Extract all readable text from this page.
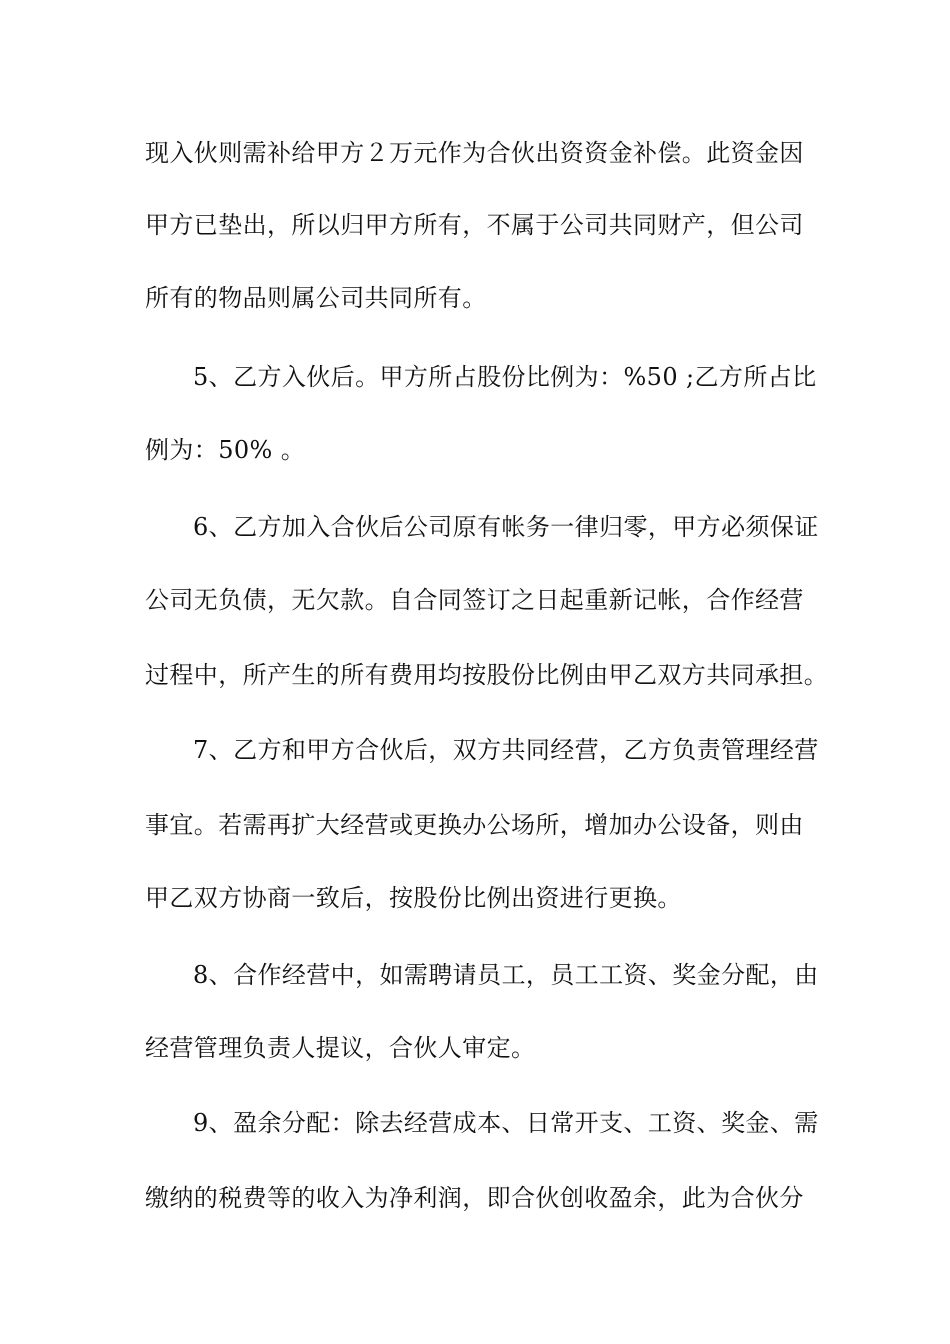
现入伙则需补给甲方２万元作为合伙出资资金补偿。此资金因
甲方已垫出，所以归甲方所有，不属于公司共同财产，但公司
所有的物品则属公司共同所有。
5、乙方入伙后。甲方所占股份比例为：%50 ;乙方所占比
例为：50% 。
6、乙方加入合伙后公司原有帐务一律归零，甲方必须保证
公司无负债，无欠款。自合同签订之日起重新记帐，合作经营
过程中，所产生的所有费用均按股份比例由甲乙双方共同承担。
7、乙方和甲方合伙后，双方共同经营，乙方负责管理经营
事宜。若需再扩大经营或更换办公场所，增加办公设备，则由
甲乙双方协商一致后，按股份比例出资进行更换。
8、合作经营中，如需聘请员工，员工工资、奖金分配，由
经营管理负责人提议，合伙人审定。
9、盈余分配：除去经营成本、日常开支、工资、奖金、需
缴纳的税费等的收入为净利润，即合伙创收盈余，此为合伙分
